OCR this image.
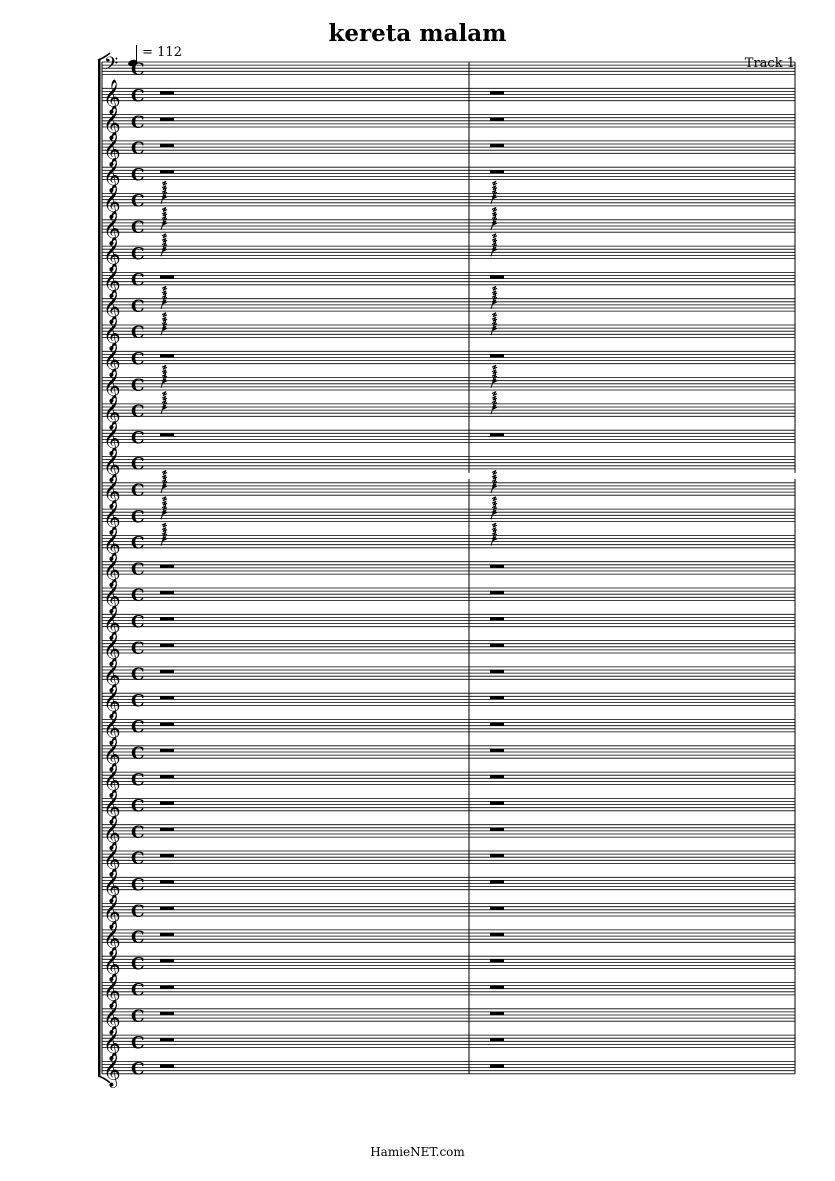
kereta malam
= 112
Track 1
𝄢 C
𝄞 C
𝄞 C
𝄞 C
𝄞 C
𝄞 C
𝄞 C
𝄞 C
𝄞 C
𝄞 C
𝄞 C
𝄞 C
𝄞 C
𝄞 C
𝄞 C
𝄞 C
𝄞 C
𝄞 C
𝄞 C
𝄞 C
𝄞 C
𝄞 C
𝄞 C
𝄞 C
𝄞 C
𝄞 C
𝄞 C
𝄞 C
𝄞 C
𝄞 C
𝄞 C
𝄞 C
𝄞 C
𝄞 C
𝄞 C
𝄞 C
𝄞 C
𝄞 C
𝄞 C
HamieNET.com
